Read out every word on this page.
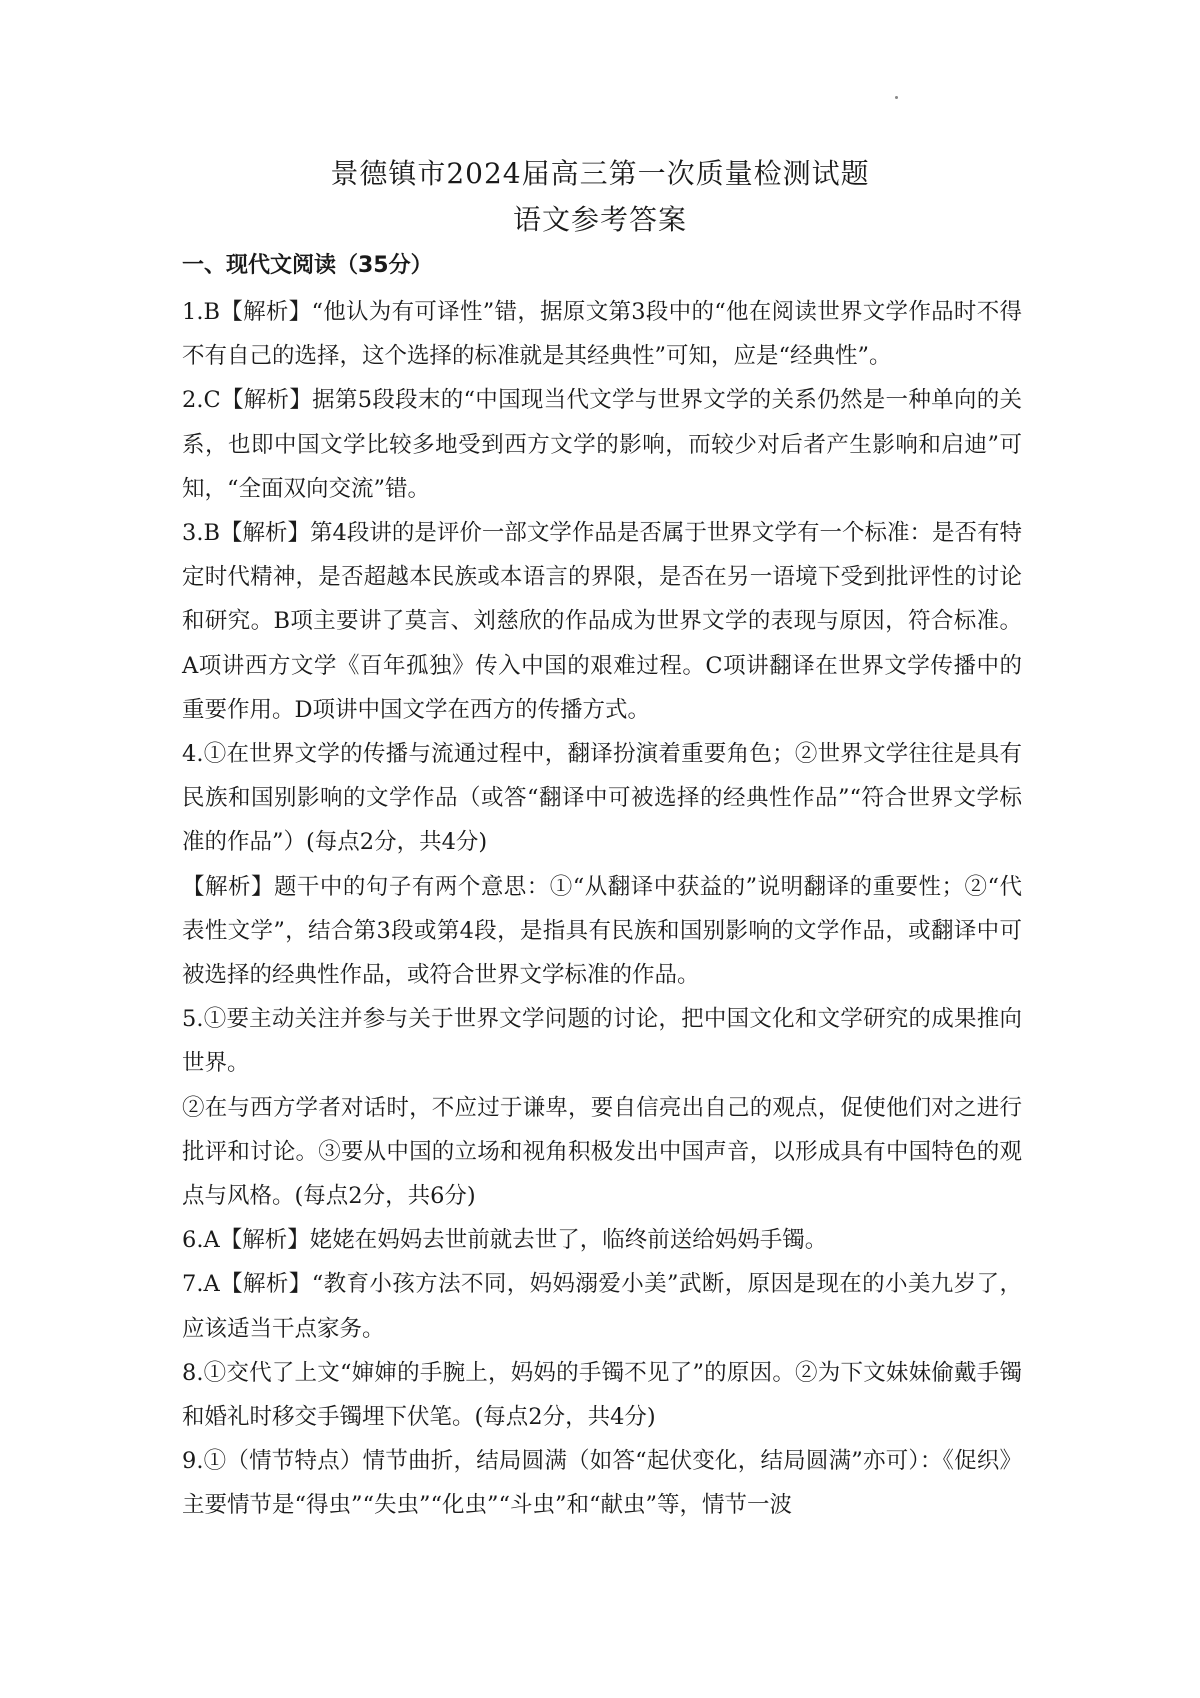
景德镇市2024届高三第一次质量检测试题
语文参考答案
一、现代文阅读（35分）

1.B【解析】“他认为有可译性”错，据原文第3段中的“他在阅读世界文学作品时不得不有自己的选择，这个选择的标准就是其经典性”可知，应是“经典性”。

2.C【解析】据第5段段末的“中国现当代文学与世界文学的关系仍然是一种单向的关系，也即中国文学比较多地受到西方文学的影响，而较少对后者产生影响和启迪”可知，“全面双向交流”错。

3.B【解析】第4段讲的是评价一部文学作品是否属于世界文学有一个标准：是否有特定时代精神，是否超越本民族或本语言的界限，是否在另一语境下受到批评性的讨论和研究。B项主要讲了莫言、刘慈欣的作品成为世界文学的表现与原因，符合标准。A项讲西方文学《百年孤独》传入中国的艰难过程。C项讲翻译在世界文学传播中的重要作用。D项讲中国文学在西方的传播方式。

4.①在世界文学的传播与流通过程中，翻译扮演着重要角色；②世界文学往往是具有民族和国别影响的文学作品（或答“翻译中可被选择的经典性作品”“符合世界文学标准的作品”）(每点2分，共4分)

【解析】题干中的句子有两个意思：①“从翻译中获益的”说明翻译的重要性；②“代表性文学”，结合第3段或第4段，是指具有民族和国别影响的文学作品，或翻译中可被选择的经典性作品，或符合世界文学标准的作品。

5.①要主动关注并参与关于世界文学问题的讨论，把中国文化和文学研究的成果推向世界。

②在与西方学者对话时，不应过于谦卑，要自信亮出自己的观点，促使他们对之进行批评和讨论。③要从中国的立场和视角积极发出中国声音，以形成具有中国特色的观点与风格。(每点2分，共6分)

6.A【解析】姥姥在妈妈去世前就去世了，临终前送给妈妈手镯。

7.A【解析】“教育小孩方法不同，妈妈溺爱小美”武断，原因是现在的小美九岁了，应该适当干点家务。

8.①交代了上文“婶婶的手腕上，妈妈的手镯不见了”的原因。②为下文妹妹偷戴手镯和婚礼时移交手镯埋下伏笔。(每点2分，共4分)

9.①（情节特点）情节曲折，结局圆满（如答“起伏变化，结局圆满”亦可）：《促织》主要情节是“得虫”“失虫”“化虫”“斗虫”和“献虫”等，情节一波
